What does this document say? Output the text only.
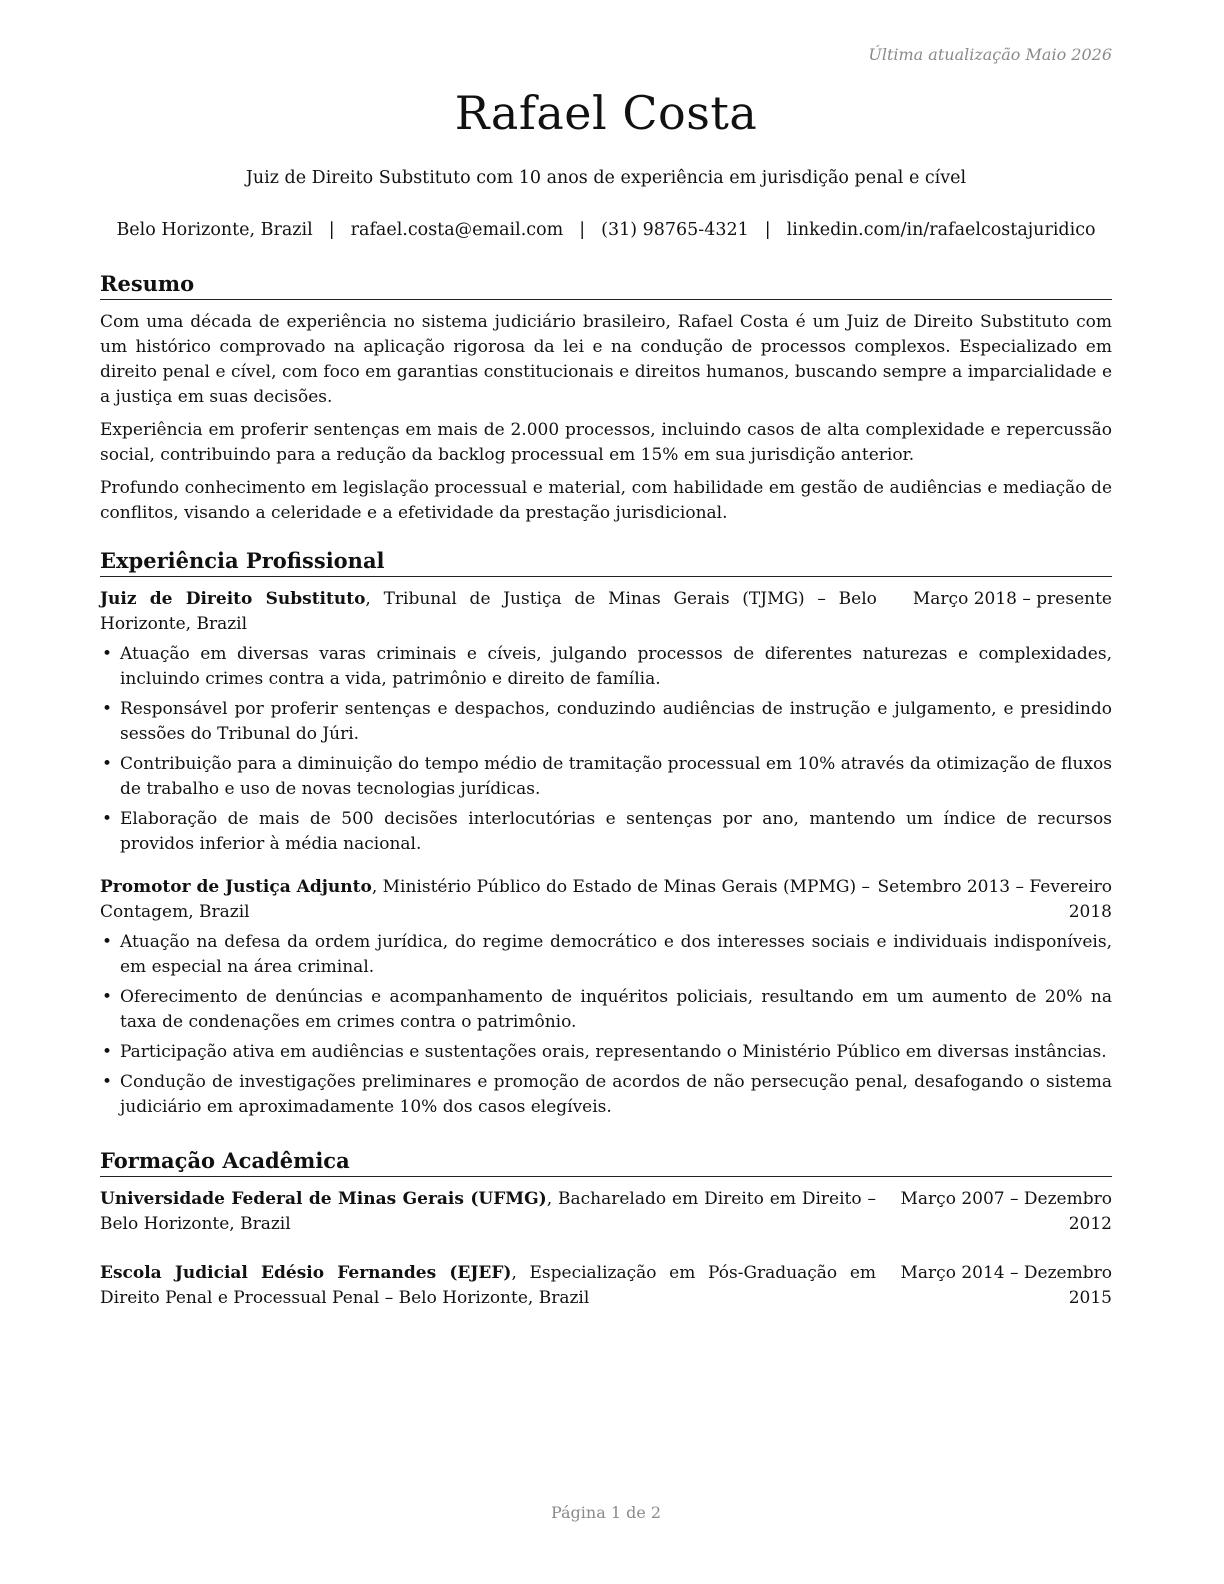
Última atualização Maio 2026
Rafael Costa
Juiz de Direito Substituto com 10 anos de experiência em jurisdição penal e cível
Belo Horizonte, Brazil | rafael.costa@email.com | (31) 98765-4321 | linkedin.com/in/rafaelcostajuridico
Resumo

Com uma década de experiência no sistema judiciário brasileiro, Rafael Costa é um Juiz de Direito Substituto com um histórico comprovado na aplicação rigorosa da lei e na condução de processos complexos. Especializado em direito penal e cível, com foco em garantias constitucionais e direitos humanos, buscando sempre a imparcialidade e a justiça em suas decisões.

Experiência em proferir sentenças em mais de 2.000 processos, incluindo casos de alta complexidade e repercussão social, contribuindo para a redução da backlog processual em 15% em sua jurisdição anterior.

Profundo conhecimento em legislação processual e material, com habilidade em gestão de audiências e mediação de conflitos, visando a celeridade e a efetividade da prestação jurisdicional.

Experiência Profissional
Juiz de Direito Substituto, Tribunal de Justiça de Minas Gerais (TJMG) – Belo Horizonte, Brazil
Março 2018 – presente
• Atuação em diversas varas criminais e cíveis, julgando processos de diferentes naturezas e complexidades, incluindo crimes contra a vida, patrimônio e direito de família.
• Responsável por proferir sentenças e despachos, conduzindo audiências de instrução e julgamento, e presidindo sessões do Tribunal do Júri.
• Contribuição para a diminuição do tempo médio de tramitação processual em 10% através da otimização de fluxos de trabalho e uso de novas tecnologias jurídicas.
• Elaboração de mais de 500 decisões interlocutórias e sentenças por ano, mantendo um índice de recursos providos inferior à média nacional.
Promotor de Justiça Adjunto, Ministério Público do Estado de Minas Gerais (MPMG) – Contagem, Brazil
Setembro 2013 – Fevereiro 2018
• Atuação na defesa da ordem jurídica, do regime democrático e dos interesses sociais e individuais indisponíveis, em especial na área criminal.
• Oferecimento de denúncias e acompanhamento de inquéritos policiais, resultando em um aumento de 20% na taxa de condenações em crimes contra o patrimônio.
• Participação ativa em audiências e sustentações orais, representando o Ministério Público em diversas instâncias.
• Condução de investigações preliminares e promoção de acordos de não persecução penal, desafogando o sistema judiciário em aproximadamente 10% dos casos elegíveis.
Formação Acadêmica
Universidade Federal de Minas Gerais (UFMG), Bacharelado em Direito em Direito – Belo Horizonte, Brazil
Março 2007 – Dezembro 2012
Escola Judicial Edésio Fernandes (EJEF), Especialização em Pós-Graduação em Direito Penal e Processual Penal – Belo Horizonte, Brazil
Março 2014 – Dezembro 2015
Página 1 de 2
